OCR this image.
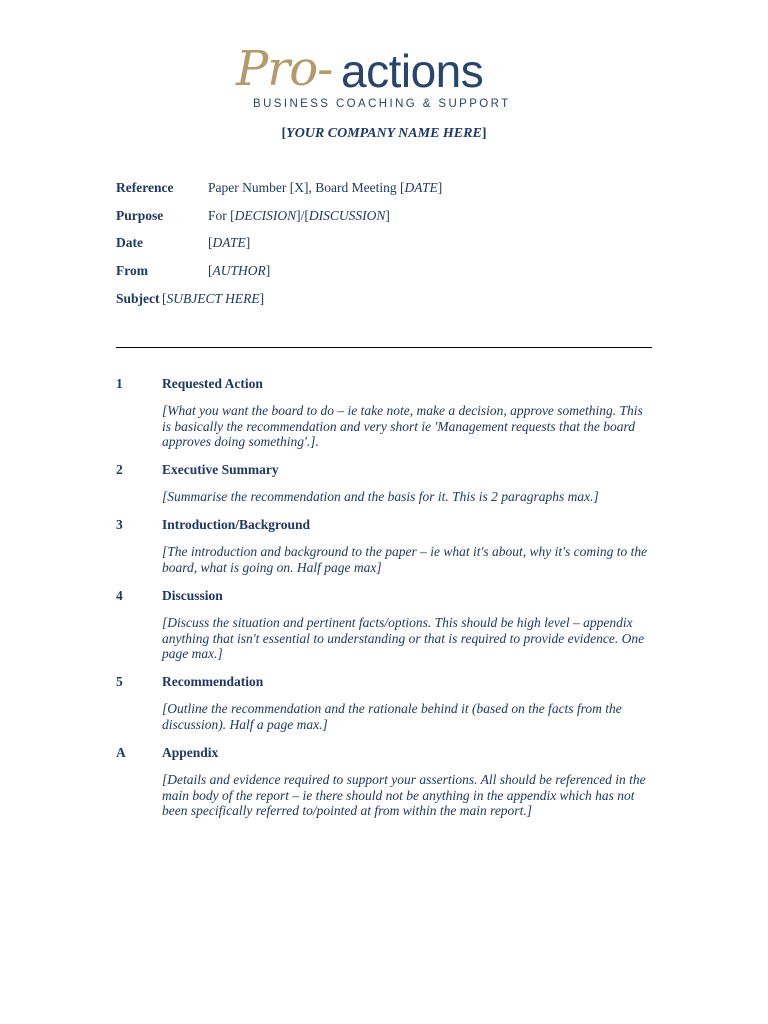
Pro- actions
BUSINESS COACHING & SUPPORT
[YOUR COMPANY NAME HERE]
Reference	Paper Number [X], Board Meeting [DATE]
Purpose	For [DECISION]/[DISCUSSION]
Date	[DATE]
From	[AUTHOR]
Subject [SUBJECT HERE]
1	Requested Action
[What you want the board to do – ie take note, make a decision, approve something. This is basically the recommendation and very short ie 'Management requests that the board approves doing something'.].
2	Executive Summary
[Summarise the recommendation and the basis for it. This is 2 paragraphs max.]
3	Introduction/Background
[The introduction and background to the paper – ie what it's about, why it's coming to the board, what is going on. Half page max]
4	Discussion
[Discuss the situation and pertinent facts/options. This should be high level – appendix anything that isn't essential to understanding or that is required to provide evidence. One page max.]
5	Recommendation
[Outline the recommendation and the rationale behind it (based on the facts from the discussion). Half a page max.]
A	Appendix
[Details and evidence required to support your assertions. All should be referenced in the main body of the report – ie there should not be anything in the appendix which has not been specifically referred to/pointed at from within the main report.]
